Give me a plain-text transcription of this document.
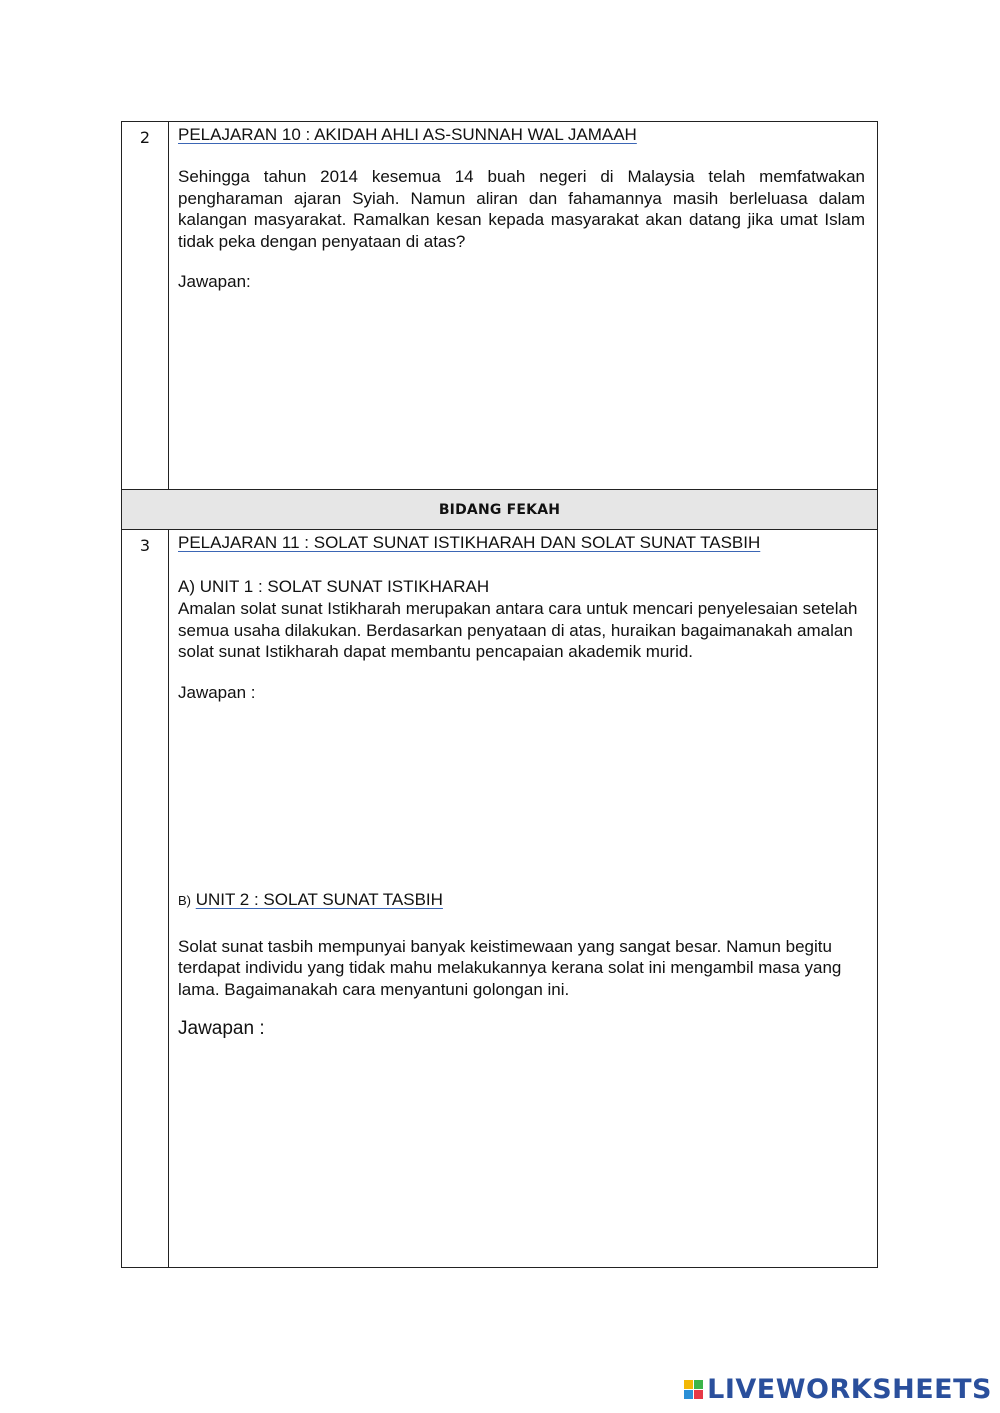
2	PELAJARAN 10 : AKIDAH AHLI AS-SUNNAH WAL JAMAAH

Sehingga tahun 2014 kesemua 14 buah negeri di Malaysia telah memfatwakan pengharaman ajaran Syiah. Namun aliran dan fahamannya masih berleluasa dalam kalangan masyarakat. Ramalkan kesan kepada masyarakat akan datang jika umat Islam tidak peka dengan penyataan di atas?

Jawapan:

BIDANG FEKAH
3	PELAJARAN 11 : SOLAT SUNAT ISTIKHARAH DAN SOLAT SUNAT TASBIH

A) UNIT 1 : SOLAT SUNAT ISTIKHARAH

Amalan solat sunat Istikharah merupakan antara cara untuk mencari penyelesaian setelah semua usaha dilakukan. Berdasarkan penyataan di atas, huraikan bagaimanakah amalan solat sunat Istikharah dapat membantu pencapaian akademik murid.

Jawapan :

B) UNIT 2 : SOLAT SUNAT TASBIH

Solat sunat tasbih mempunyai banyak keistimewaan yang sangat besar. Namun begitu terdapat individu yang tidak mahu melakukannya kerana solat ini mengambil masa yang lama. Bagaimanakah cara menyantuni golongan ini.

Jawapan :

LIVEWORKSHEETS
